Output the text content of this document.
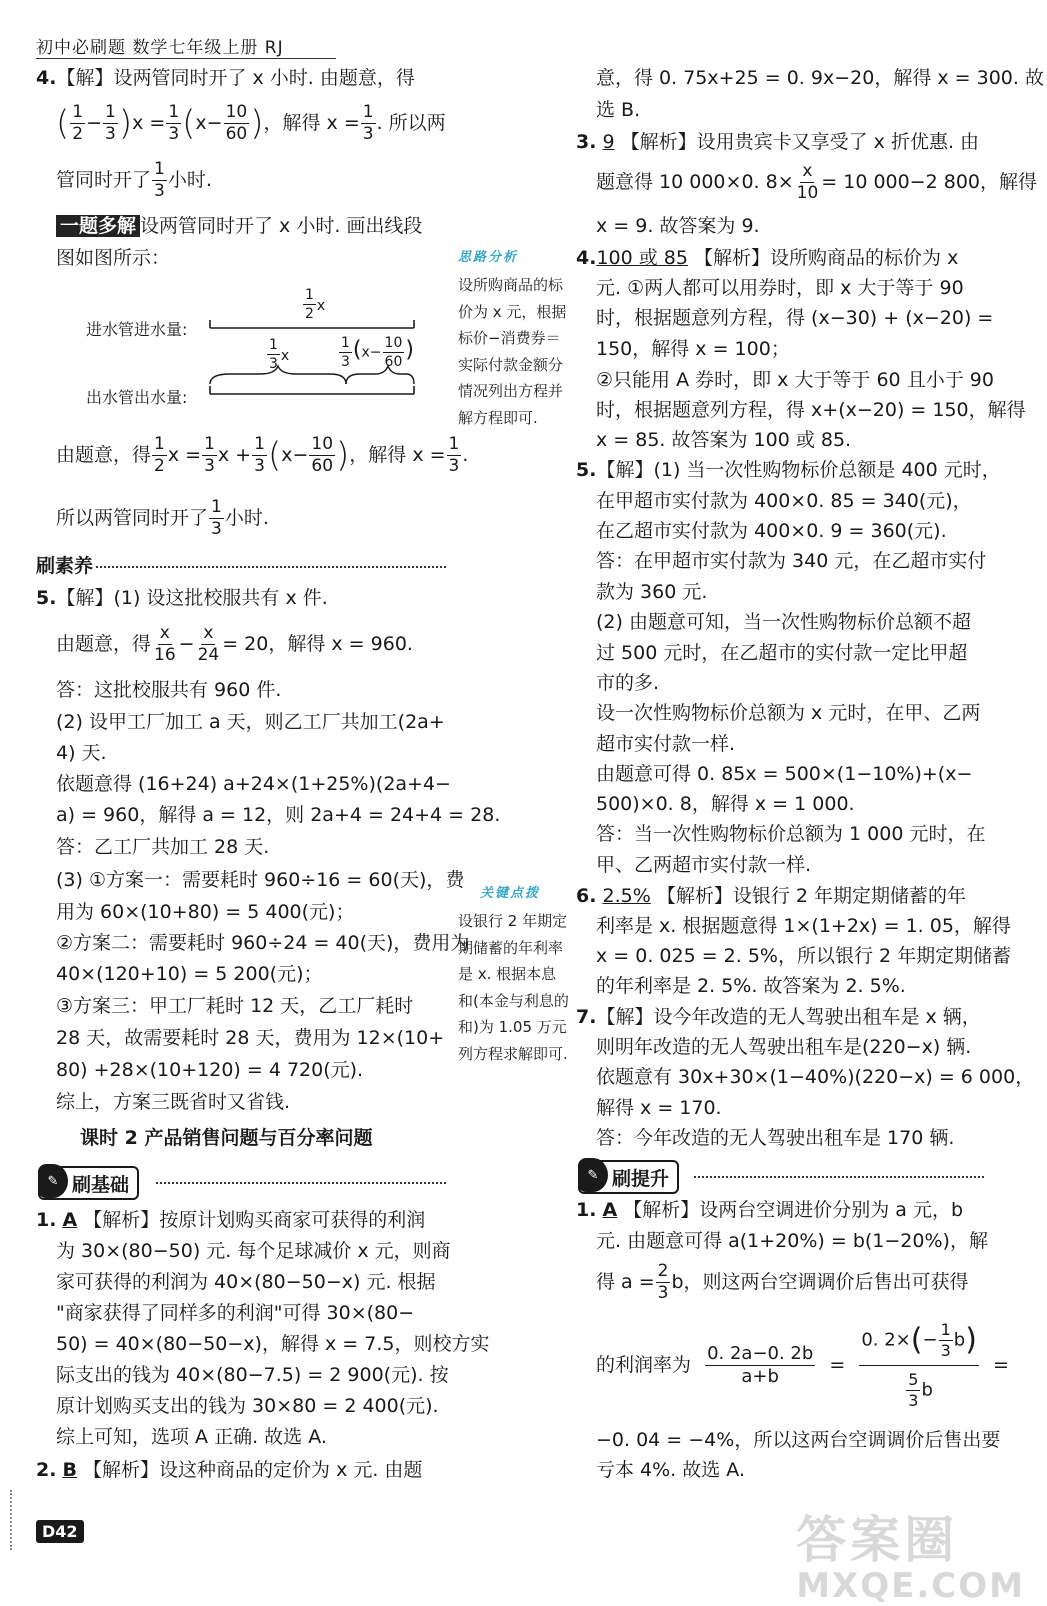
初中必刷题 数学七年级上册 RJ
4.【解】设两管同时开了 x 小时. 由题意，得
( $\frac{1}{2} - \frac{1}{3} )x = \frac{1}{3} (x- \frac{10}{60}$ )，解得 $x = \frac{1}{3}$ . 所以两
管同时开了 $\frac{1}{3}$ 小时.
一题多解 设两管同时开了 x 小时. 画出线段
图如图所示：
进水管进水量:
出水管出水量:
$\frac{1}{2}$ x
$\frac{1}{3}$ x	$\frac{1}{3} (x- \frac{10}{60}$ )
由题意，得 $\frac{1}{2}$ $x = \frac{1}{3}$ $x + \frac{1}{3} (x- \frac{10}{60}$ )，解得 $x = \frac{1}{3}$ .
所以两管同时开了 $\frac{1}{3}$ 小时.
刷素养
5.【解】(1) 设这批校服共有 x 件.
由题意，得 $\frac{x}{16} - \frac{x}{24} = 20$，解得 x = 960.
答：这批校服共有 960 件.
(2) 设甲工厂加工 a 天，则乙工厂共加工(2a+
4) 天.
依题意得 (16+24) a+24×(1+25%)(2a+4−
a) = 960，解得 a = 12，则 2a+4 = 24+4 = 28.
答：乙工厂共加工 28 天.
(3) ①方案一：需要耗时 960÷16 = 60(天)，费
用为 60×(10+80) = 5 400(元)；
②方案二：需要耗时 960÷24 = 40(天)，费用为
40×(120+10) = 5 200(元)；
③方案三：甲工厂耗时 12 天，乙工厂耗时
28 天，故需要耗时 28 天，费用为 12×(10+
80) +28×(10+120) = 4 720(元).
综上，方案三既省时又省钱.
课时 2 产品销售问题与百分率问题
✎ 刷基础
1. A 【解析】按原计划购买商家可获得的利润
为 30×(80−50) 元. 每个足球减价 x 元，则商
家可获得的利润为 40×(80−50−x) 元. 根据
"商家获得了同样多的利润"可得 30×(80−
50) = 40×(80−50−x)，解得 x = 7.5，则校方实
际支出的钱为 40×(80−7.5) = 2 900(元). 按
原计划购买支出的钱为 30×80 = 2 400(元).
综上可知，选项 A 正确. 故选 A.
2. B 【解析】设这种商品的定价为 x 元. 由题
D42
思路分析
设所购商品的标价为 x 元，根据标价−消费券＝实际付款金额分情况列出方程并解方程即可.
关键点拨
设银行 2 年期定期储蓄的年利率是 x. 根据本息和(本金与利息的和)为 1.05 万元列方程求解即可.
意，得 0. 75x+25 = 0. 9x−20，解得 x = 300. 故
选 B.
3. 9 【解析】设用贵宾卡又享受了 x 折优惠. 由
题意得 10 000×0. $8\times \frac{x}{10} = 10$ 000−2 800，解得
x = 9. 故答案为 9.
4.100 或 85 【解析】设所购商品的标价为 x
元. ①两人都可以用券时，即 x 大于等于 90
时，根据题意列方程，得 (x−30) + (x−20) =
150，解得 x = 100；
②只能用 A 券时，即 x 大于等于 60 且小于 90
时，根据题意列方程，得 x+(x−20) = 150，解得
x = 85. 故答案为 100 或 85.
5.【解】(1) 当一次性购物标价总额是 400 元时，
在甲超市实付款为 400×0. 85 = 340(元)，
在乙超市实付款为 400×0. 9 = 360(元).
答：在甲超市实付款为 340 元，在乙超市实付
款为 360 元.
(2) 由题意可知，当一次性购物标价总额不超
过 500 元时，在乙超市的实付款一定比甲超
市的多.
设一次性购物标价总额为 x 元时，在甲、乙两
超市实付款一样.
由题意可得 0. 85x = 500×(1−10%)+(x−
500)×0. 8，解得 x = 1 000.
答：当一次性购物标价总额为 1 000 元时，在
甲、乙两超市实付款一样.
6. 2.5% 【解析】设银行 2 年期定期储蓄的年
利率是 x. 根据题意得 1×(1+2x) = 1. 05，解得
x = 0. 025 = 2. 5%，所以银行 2 年期定期储蓄
的年利率是 2. 5%. 故答案为 2. 5%.
7.【解】设今年改造的无人驾驶出租车是 x 辆，
则明年改造的无人驾驶出租车是(220−x) 辆.
依题意有 30x+30×(1−40%)(220−x) = 6 000，
解得 x = 170.
答：今年改造的无人驾驶出租车是 170 辆.
✎ 刷提升
1. A 【解析】设两台空调进价分别为 a 元，b
元. 由题意可得 a(1+20%) = b(1−20%)，解
得 $a = \frac{2}{3}$ b，则这两台空调调价后售出可获得
的利润率为 $\frac{0. 2a-0. 2b}{a+b} = \frac{0. 2\times(- \frac{1}{3} b)}{\frac{5}{3} b}$ =
−0. 04 = −4%，所以这两台空调调价后售出要
亏本 4%. 故选 A.
答案圈
MXQE.COM
